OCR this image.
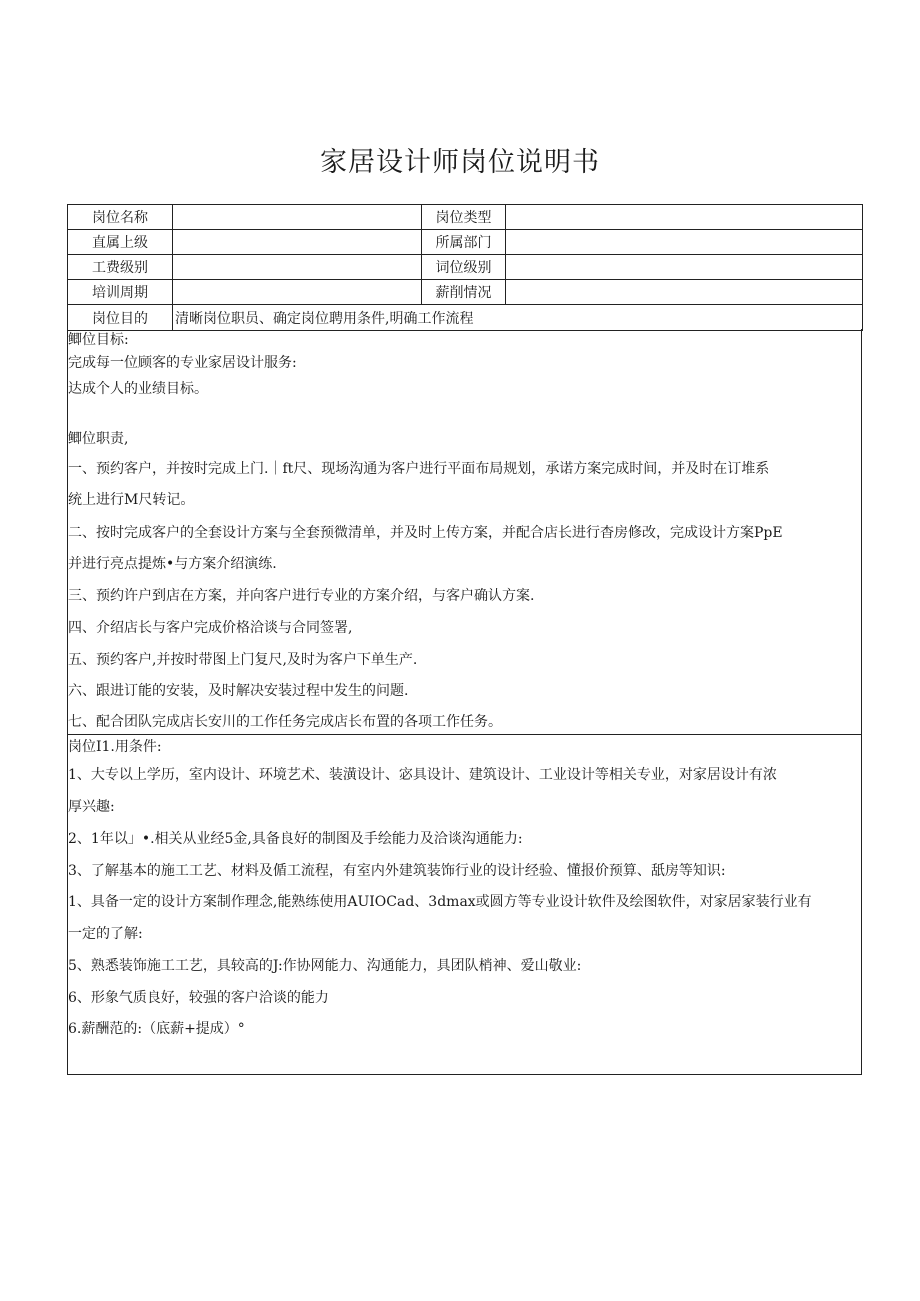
家居设计师岗位说明书
岗位名称		岗位类型	
直属上级		所属部门	
工费级别		词位级别	
培训周期		薪削情况	
岗位目的	清晰岗位职员、确定岗位聘用条件,明确工作流程		
鲫位目标:
完成每一位顾客的专业家居设计服务:
达成个人的业绩目标。
鲫位职责,
一、预约客户，并按时完成上门.｜ft尺、现场沟通为客户进行平面布局规划，承诺方案完成时间，并及时在订堆系
统上进行M尺转记。
二、按时完成客户的全套设计方案与全套预微清单，并及时上传方案，并配合店长进行杳房修改，完成设计方案PpE
并进行亮点提炼•与方案介绍演练.
三、预约许户到店在方案，并向客户进行专业的方案介绍，与客户确认方案.
四、介绍店长与客户完成价格洽谈与合同签署,
五、预约客户,并按时带图上门复尺,及时为客户下单生产.
六、跟进订能的安装，及时解决安装过程中发生的问题.
七、配合团队完成店长安川的工作任务完成店长布置的各项工作任务。
岗位I1.用条件:
1、大专以上学历，室内设计、环境艺术、装潢设计、宓具设计、建筑设计、工业设计等相关专业，对家居设计有浓
厚兴趣:
2、1年以」•.相关从业经5金,具备良好的制图及手绘能力及洽谈沟通能力:
3、了解基本的施工工艺、材料及偱工流程，有室内外建筑装饰行业的设计经验、懂报价预算、舐房等知识:
1、具备一定的设计方案制作理念,能熟练使用AUIOCad、3dmax或圆方等专业设计软件及绘图软件，对家居家装行业有
一定的了解:
5、熟悉装饰施工工艺，具较高的J:作协网能力、沟通能力，具团队梢神、爱山敬业:
6、形象气质良好，较强的客户洽谈的能力
6.薪酬范的:（底薪+提成）°
